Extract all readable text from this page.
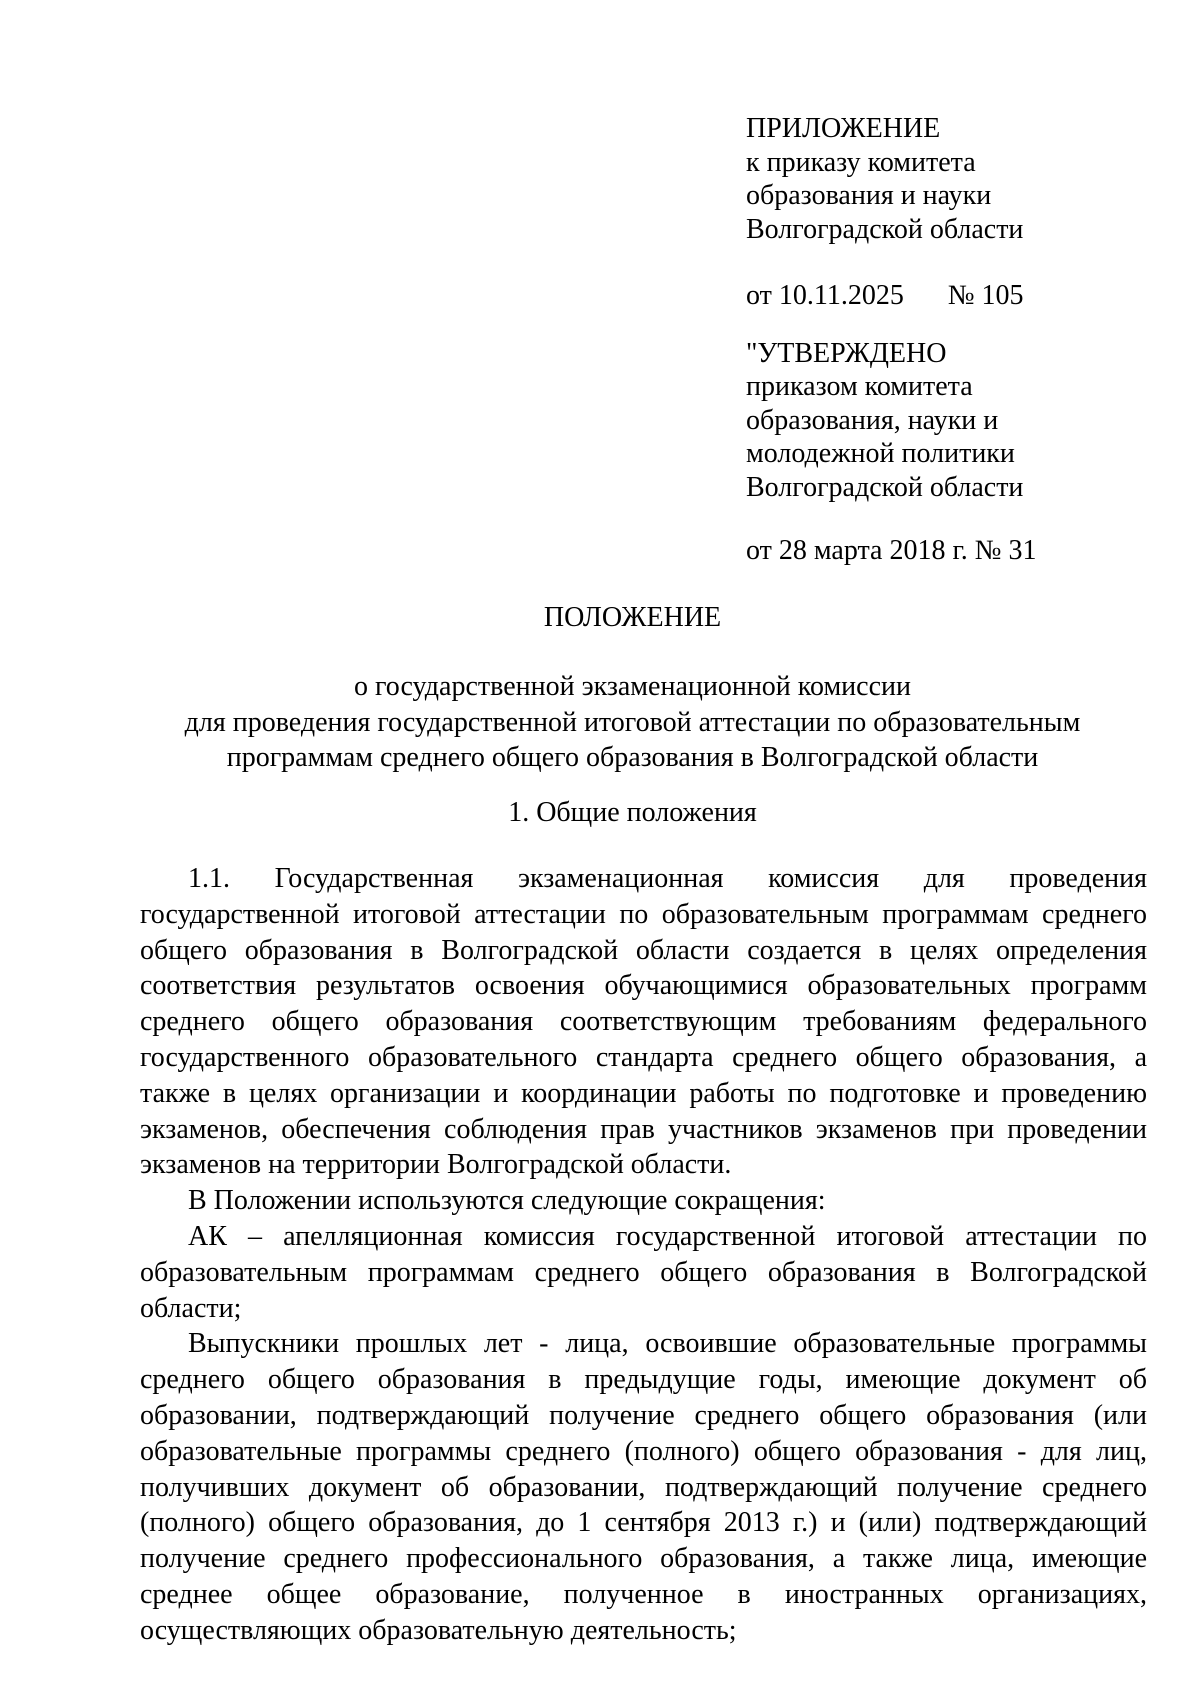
ПРИЛОЖЕНИЕ
к приказу комитета
образования и науки
Волгоградской области
от 10.11.2025 № 105
"УТВЕРЖДЕНО
приказом комитета
образования, науки и
молодежной политики
Волгоградской области
от 28 марта 2018 г. № 31
ПОЛОЖЕНИЕ
о государственной экзаменационной комиссии
для проведения государственной итоговой аттестации по образовательным
программам среднего общего образования в Волгоградской области
1. Общие положения

1.1. Государственная экзаменационная комиссия для проведения государственной итоговой аттестации по образовательным программам среднего общего образования в Волгоградской области создается в целях определения соответствия результатов освоения обучающимися образовательных программ среднего общего образования соответствующим требованиям федерального государственного образовательного стандарта среднего общего образования, а также в целях организации и координации работы по подготовке и проведению экзаменов, обеспечения соблюдения прав участников экзаменов при проведении экзаменов на территории Волгоградской области.

В Положении используются следующие сокращения:

АК – апелляционная комиссия государственной итоговой аттестации по образовательным программам среднего общего образования в Волгоградской области;

Выпускники прошлых лет - лица, освоившие образовательные программы среднего общего образования в предыдущие годы, имеющие документ об образовании, подтверждающий получение среднего общего образования (или образовательные программы среднего (полного) общего образования - для лиц, получивших документ об образовании, подтверждающий получение среднего (полного) общего образования, до 1 сентября 2013 г.) и (или) подтверждающий получение среднего профессионального образования, а также лица, имеющие среднее общее образование, полученное в иностранных организациях, осуществляющих образовательную деятельность;
